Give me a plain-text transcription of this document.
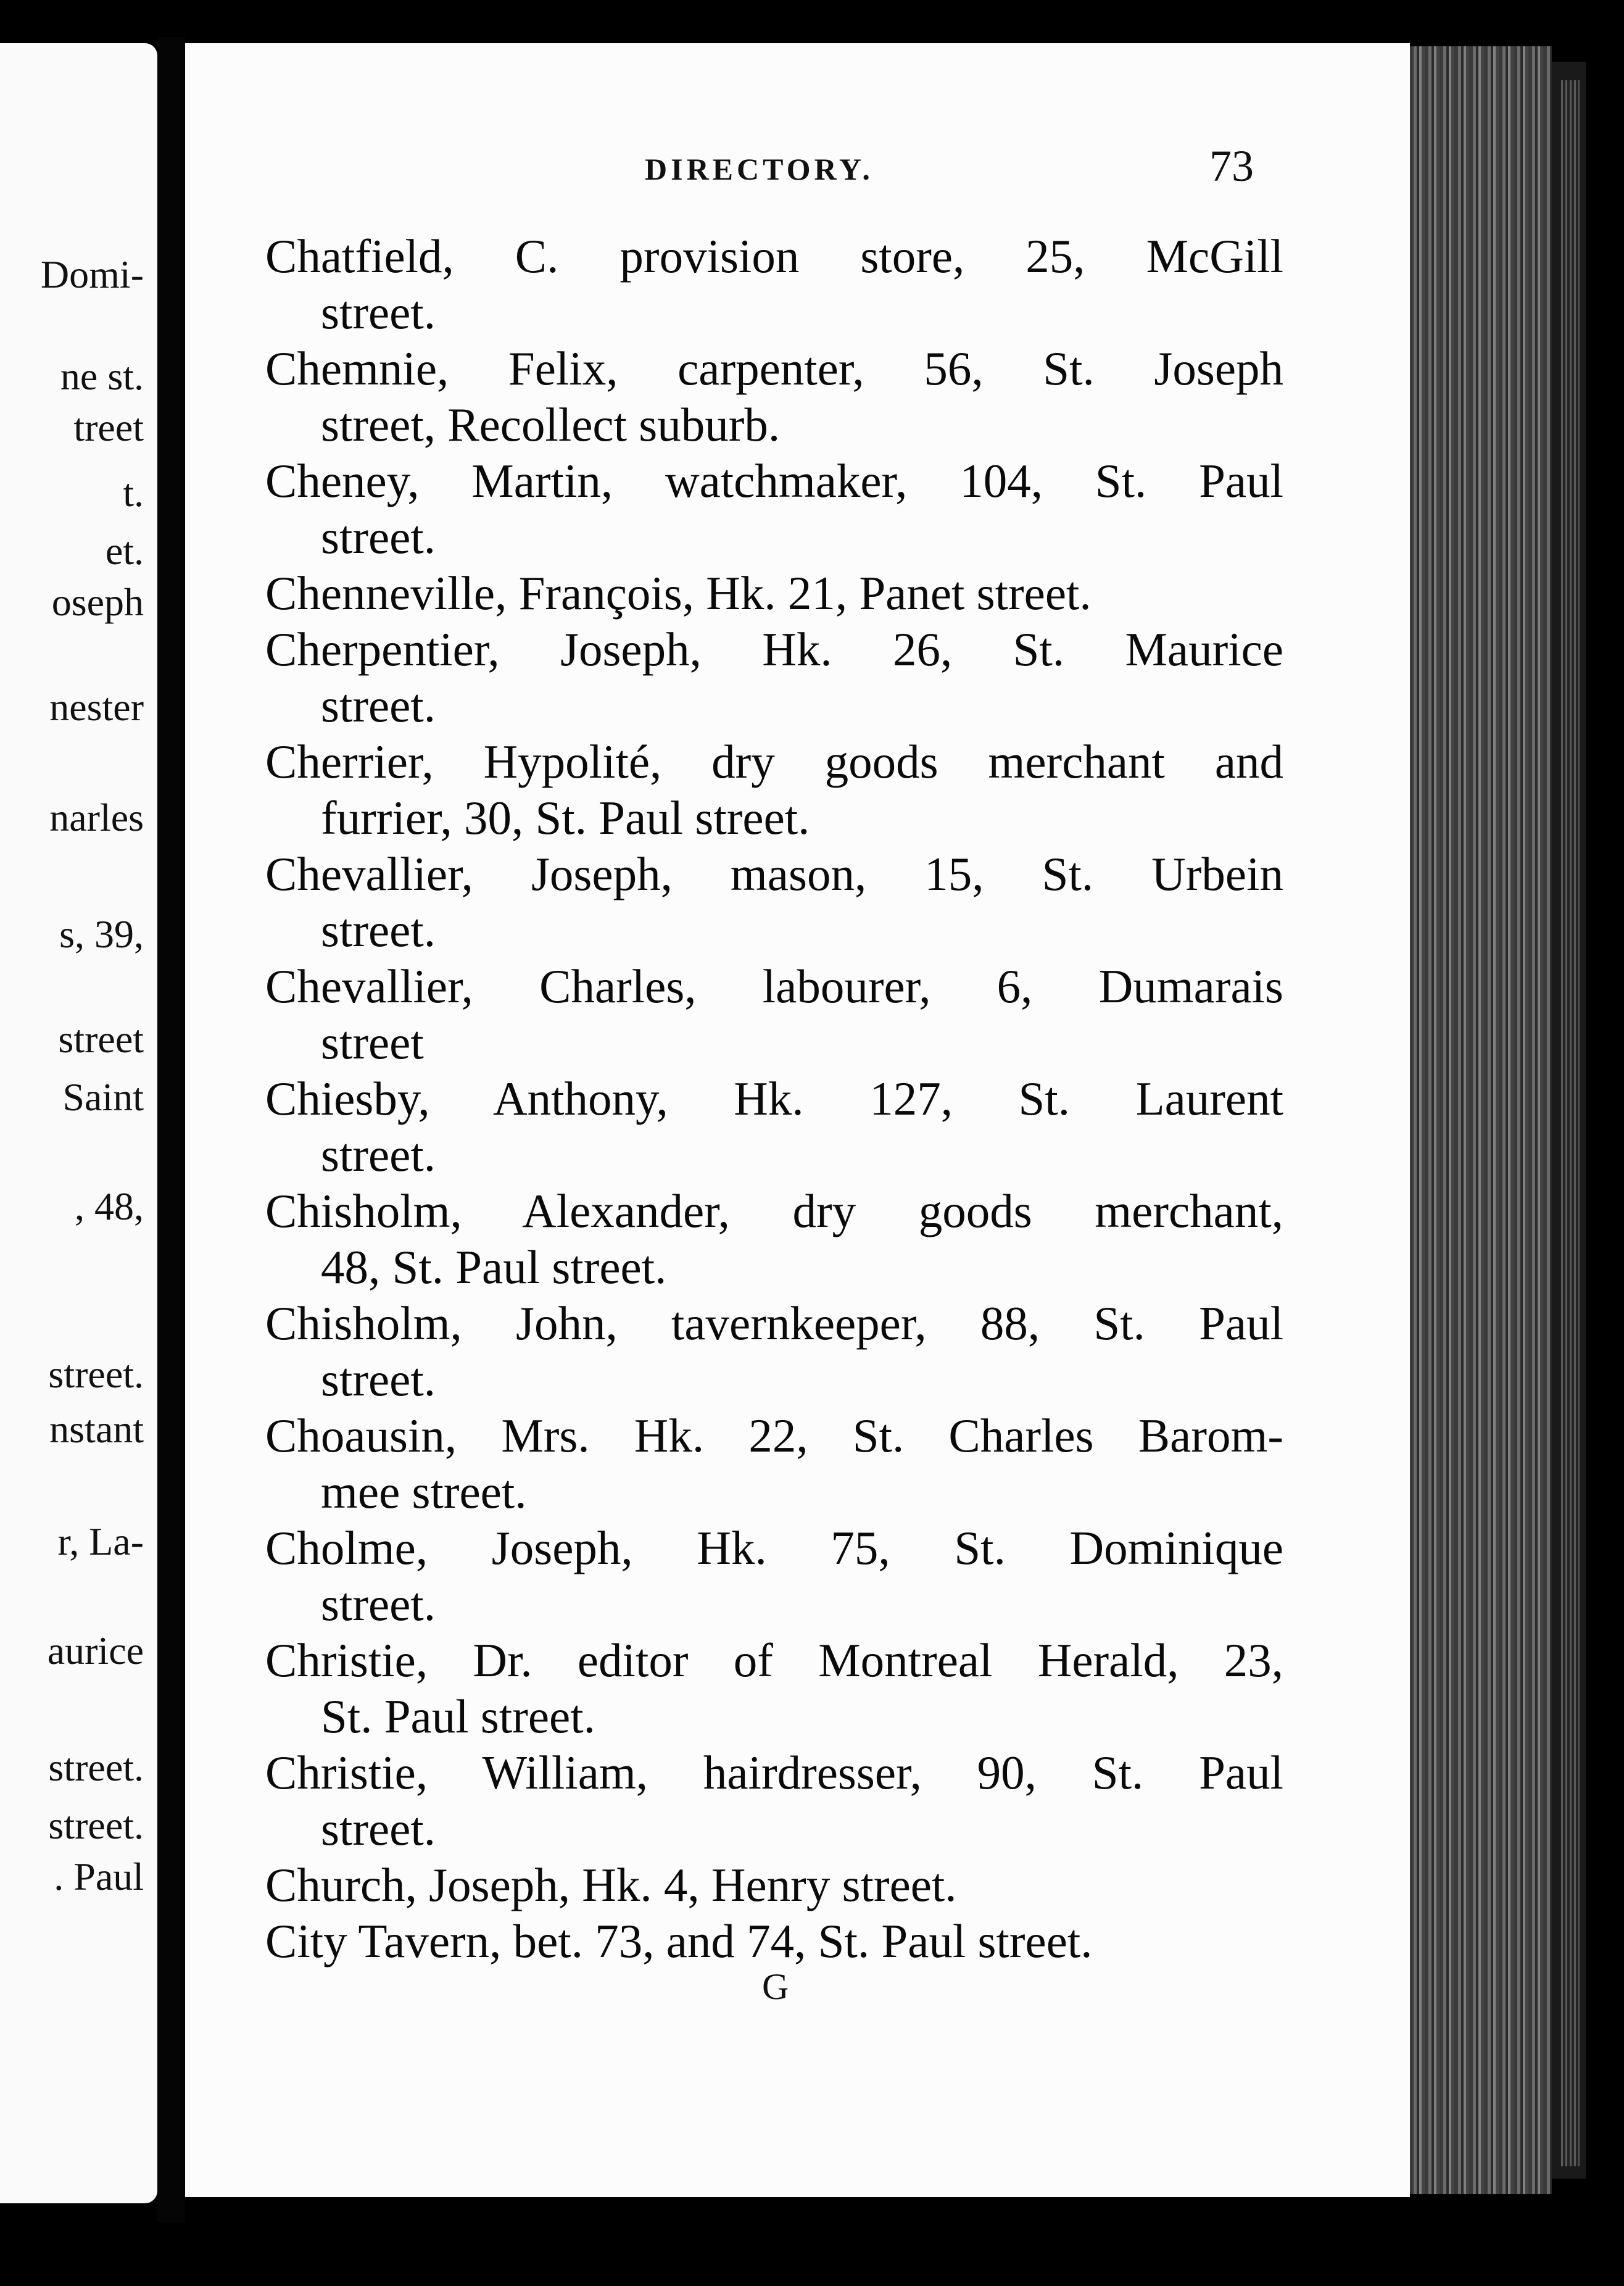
Domi-
ne st.
treet
t.
et.
oseph
nester
narles
s, 39,
street
Saint
, 48,
street.
nstant
r, La-
aurice
street.
street.
. Paul
DIRECTORY.	73

Chatfield, C. provision store, 25, McGill
street.

Chemnie, Felix, carpenter, 56, St. Joseph
street, Recollect suburb.

Cheney, Martin, watchmaker, 104, St. Paul
street.

Chenneville, François, Hk. 21, Panet street.

Cherpentier, Joseph, Hk. 26, St. Maurice
street.

Cherrier, Hypolité, dry goods merchant and
furrier, 30, St. Paul street.

Chevallier, Joseph, mason, 15, St. Urbein
street.

Chevallier, Charles, labourer, 6, Dumarais
street

Chiesby, Anthony, Hk. 127, St. Laurent
street.

Chisholm, Alexander, dry goods merchant,
48, St. Paul street.

Chisholm, John, tavernkeeper, 88, St. Paul
street.

Choausin, Mrs. Hk. 22, St. Charles Barom-
mee street.

Cholme, Joseph, Hk. 75, St. Dominique
street.

Christie, Dr. editor of Montreal Herald, 23,
St. Paul street.

Christie, William, hairdresser, 90, St. Paul
street.

Church, Joseph, Hk. 4, Henry street.

City Tavern, bet. 73, and 74, St. Paul street.

G
